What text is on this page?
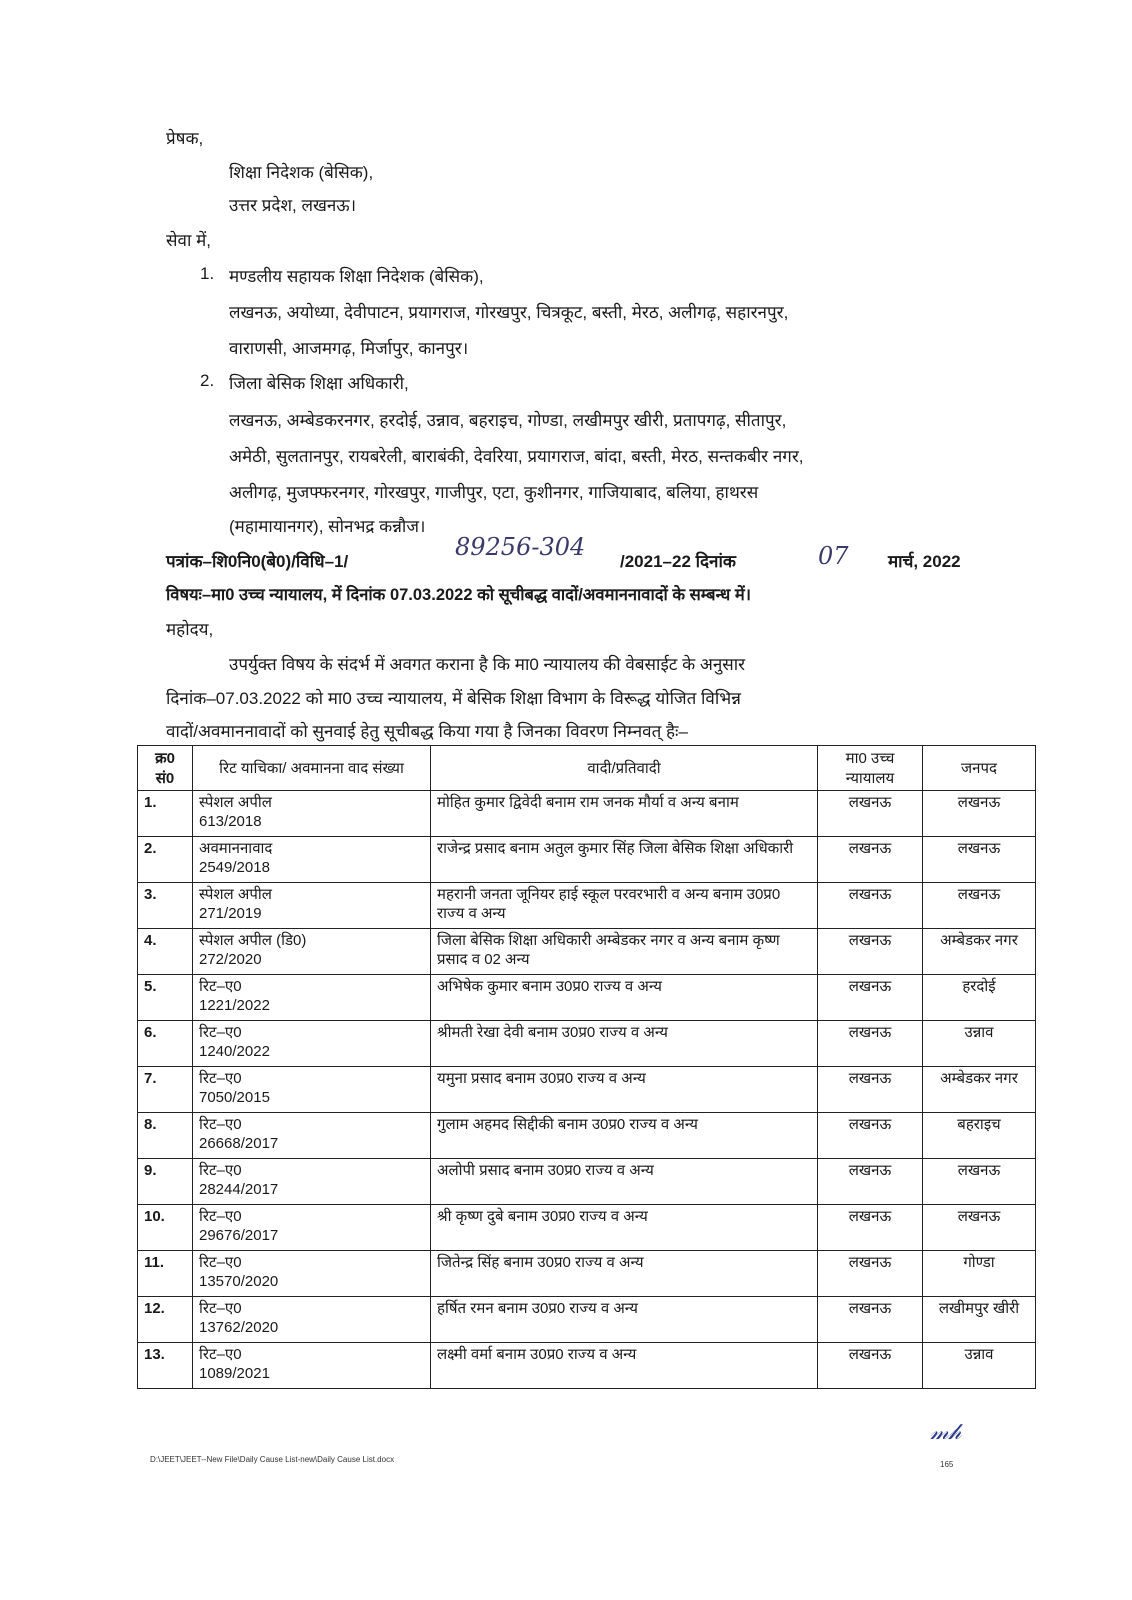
प्रेषक,
शिक्षा निदेशक (बेसिक),
उत्तर प्रदेश, लखनऊ।
सेवा में,
1. मण्डलीय सहायक शिक्षा निदेशक (बेसिक),
लखनऊ, अयोध्या, देवीपाटन, प्रयागराज, गोरखपुर, चित्रकूट, बस्ती, मेरठ, अलीगढ़, सहारनपुर,
वाराणसी, आजमगढ़, मिर्जापुर, कानपुर।
2. जिला बेसिक शिक्षा अधिकारी,
लखनऊ, अम्बेडकरनगर, हरदोई, उन्नाव, बहराइच, गोण्डा, लखीमपुर खीरी, प्रतापगढ़, सीतापुर,
अमेठी, सुलतानपुर, रायबरेली, बाराबंकी, देवरिया, प्रयागराज, बांदा, बस्ती, मेरठ, सन्तकबीर नगर,
अलीगढ़, मुजफ्फरनगर, गोरखपुर, गाजीपुर, एटा, कुशीनगर, गाजियाबाद, बलिया, हाथरस
(महामायानगर), सोनभद्र कन्नौज।
पत्रांक–शि0नि0(बे0)/विधि–1/
89256-304
/2021–22 दिनांक	07 मार्च, 2022
विषयः–मा0 उच्च न्यायालय, में दिनांक 07.03.2022 को सूचीबद्ध वादों/अवमाननावादों के सम्बन्ध में।
महोदय,
उपर्युक्त विषय के संदर्भ में अवगत कराना है कि मा0 न्यायालय की वेबसाईट के अनुसार
दिनांक–07.03.2022 को मा0 उच्च न्यायालय, में बेसिक शिक्षा विभाग के विरूद्ध योजित विभिन्न
वादों/अवमाननावादों को सुनवाई हेतु सूचीबद्ध किया गया है जिनका विवरण निम्नवत् हैः–
क्र0 सं0	रिट याचिका/ अवमानना वाद संख्या	वादी/प्रतिवादी	मा0 उच्च न्यायालय	जनपद
1.	स्पेशल अपील
613/2018	मोहित कुमार द्विवेदी बनाम राम जनक मौर्या व अन्य बनाम	लखनऊ	लखनऊ
2.	अवमाननावाद
2549/2018	राजेन्द्र प्रसाद बनाम अतुल कुमार सिंह जिला बेसिक शिक्षा अधिकारी	लखनऊ	लखनऊ
3.	स्पेशल अपील
271/2019	महरानी जनता जूनियर हाई स्कूल परवरभारी व अन्य बनाम उ0प्र0 राज्य व अन्य	लखनऊ	लखनऊ
4.	स्पेशल अपील (डि0)
272/2020	जिला बेसिक शिक्षा अधिकारी अम्बेडकर नगर व अन्य बनाम कृष्ण प्रसाद व 02 अन्य	लखनऊ	अम्बेडकर नगर
5.	रिट–ए0
1221/2022	अभिषेक कुमार बनाम उ0प्र0 राज्य व अन्य	लखनऊ	हरदोई
6.	रिट–ए0
1240/2022	श्रीमती रेखा देवी बनाम उ0प्र0 राज्य व अन्य	लखनऊ	उन्नाव
7.	रिट–ए0
7050/2015	यमुना प्रसाद बनाम उ0प्र0 राज्य व अन्य	लखनऊ	अम्बेडकर नगर
8.	रिट–ए0
26668/2017	गुलाम अहमद सिद्दीकी बनाम उ0प्र0 राज्य व अन्य	लखनऊ	बहराइच
9.	रिट–ए0
28244/2017	अलोपी प्रसाद बनाम उ0प्र0 राज्य व अन्य	लखनऊ	लखनऊ
10.	रिट–ए0
29676/2017	श्री कृष्ण दुबे बनाम उ0प्र0 राज्य व अन्य	लखनऊ	लखनऊ
11.	रिट–ए0
13570/2020	जितेन्द्र सिंह बनाम उ0प्र0 राज्य व अन्य	लखनऊ	गोण्डा
12.	रिट–ए0
13762/2020	हर्षित रमन बनाम उ0प्र0 राज्य व अन्य	लखनऊ	लखीमपुर खीरी
13.	रिट–ए0
1089/2021	लक्ष्मी वर्मा बनाम उ0प्र0 राज्य व अन्य	लखनऊ	उन्नाव
D:\JEET\JEET--New File\Daily Cause List-new\Daily Cause List.docx
𝓂𝒽
165
